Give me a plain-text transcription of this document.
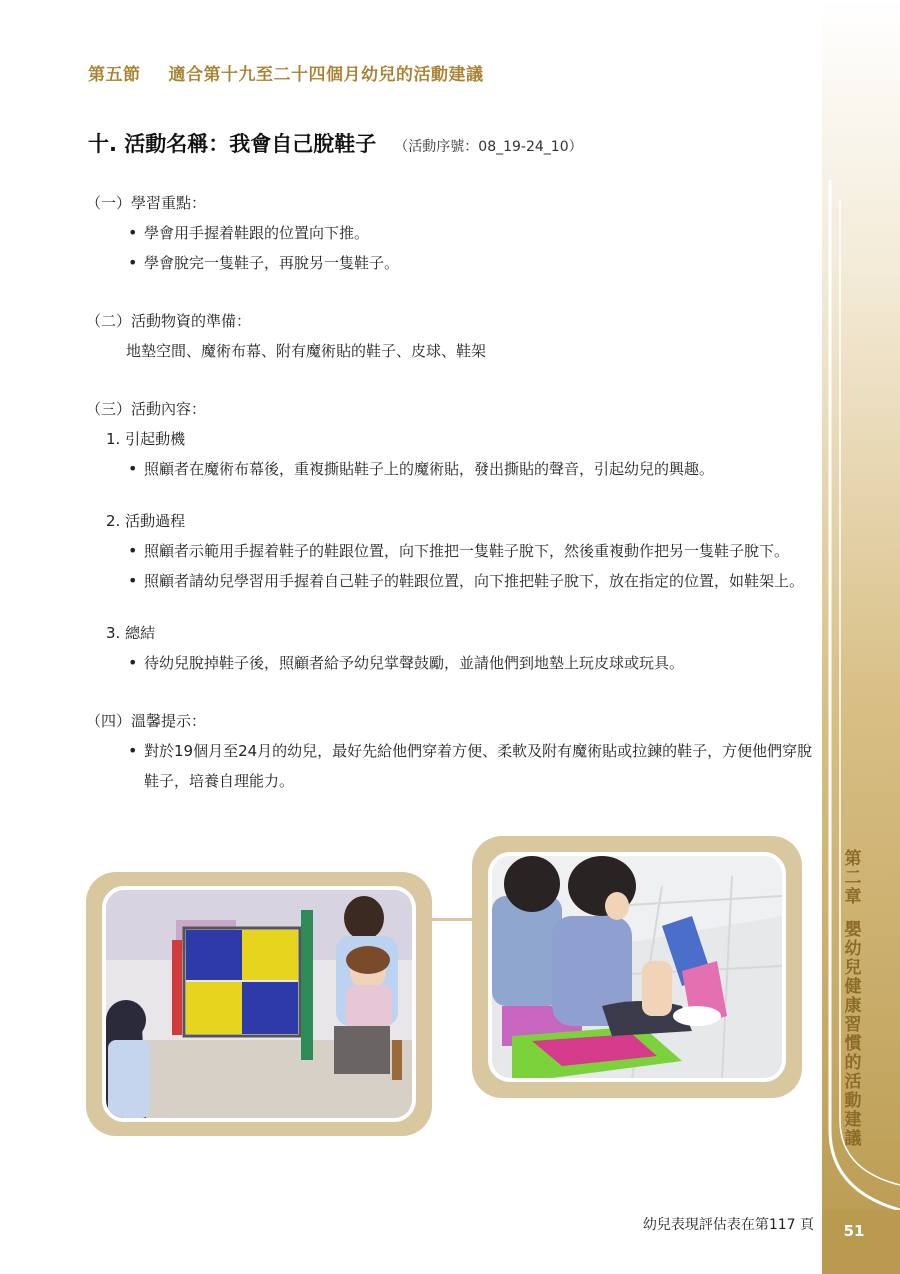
第五節 適合第十九至二十四個月幼兒的活動建議
十. 活動名稱：我會自己脫鞋子 （活動序號：08_19-24_10）

（一）學習重點：

• 學會用手握着鞋跟的位置向下推。
• 學會脫完一隻鞋子，再脫另一隻鞋子。

（二）活動物資的準備：

地墊空間、魔術布幕、附有魔術貼的鞋子、皮球、鞋架

（三）活動內容：

1. 引起動機
• 照顧者在魔術布幕後，重複撕貼鞋子上的魔術貼，發出撕貼的聲音，引起幼兒的興趣。
2. 活動過程
• 照顧者示範用手握着鞋子的鞋跟位置，向下推把一隻鞋子脫下，然後重複動作把另一隻鞋子脫下。
• 照顧者請幼兒學習用手握着自己鞋子的鞋跟位置，向下推把鞋子脫下，放在指定的位置，如鞋架上。
3. 總結
• 待幼兒脫掉鞋子後，照顧者給予幼兒掌聲鼓勵，並請他們到地墊上玩皮球或玩具。

（四）溫馨提示：

• 對於19個月至24月的幼兒，最好先給他們穿着方便、柔軟及附有魔術貼或拉鍊的鞋子，方便他們穿脫鞋子，培養自理能力。
第二章
嬰幼兒健康習慣的活動建議
51
幼兒表現評估表在第117 頁
